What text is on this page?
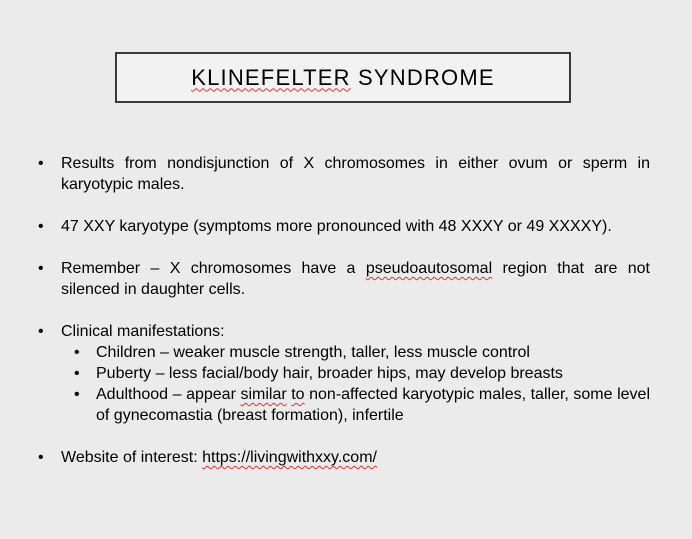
KLINEFELTER SYNDROME
•	Results from nondisjunction of X chromosomes in either ovum or sperm in karyotypic males.
•	47 XXY karyotype (symptoms more pronounced with 48 XXXY or 49 XXXXY).
•	Remember – X chromosomes have a pseudoautosomal region that are not silenced in daughter cells.
•	Clinical manifestations:
•	Children – weaker muscle strength, taller, less muscle control
•	Puberty – less facial/body hair, broader hips, may develop breasts
•	Adulthood – appear similar to non-affected karyotypic males, taller, some level of gynecomastia (breast formation), infertile
•	Website of interest: https://livingwithxxy.com/
